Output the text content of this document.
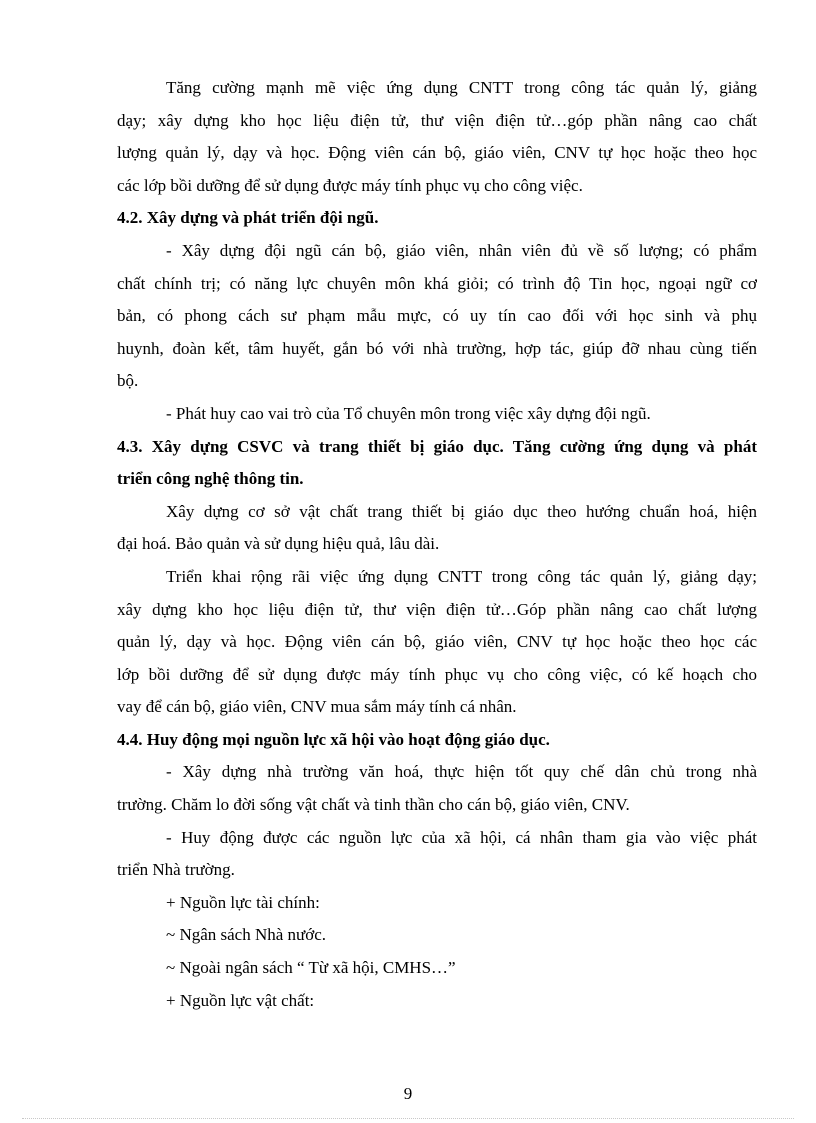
Tăng cường mạnh mẽ việc ứng dụng CNTT trong công tác quản lý, giảng
dạy; xây dựng kho học liệu điện tử, thư viện điện tử…góp phần nâng cao chất
lượng quản lý, dạy và học. Động viên cán bộ, giáo viên, CNV tự học hoặc theo học
các lớp bồi dưỡng để sử dụng được máy tính phục vụ cho công việc.
4.2. Xây dựng và phát triển đội ngũ.
- Xây dựng đội ngũ cán bộ, giáo viên, nhân viên đủ về số lượng; có phẩm
chất chính trị; có năng lực chuyên môn khá giỏi; có trình độ Tin học, ngoại ngữ cơ
bản, có phong cách sư phạm mẫu mực, có uy tín cao đối với học sinh và phụ
huynh, đoàn kết, tâm huyết, gắn bó với nhà trường, hợp tác, giúp đỡ nhau cùng tiến
bộ.
- Phát huy cao vai trò của Tổ chuyên môn trong việc xây dựng đội ngũ.
4.3. Xây dựng CSVC và trang thiết bị giáo dục. Tăng cường ứng dụng và phát
triển công nghệ thông tin.
Xây dựng cơ sở vật chất trang thiết bị giáo dục theo hướng chuẩn hoá, hiện
đại hoá. Bảo quản và sử dụng hiệu quả, lâu dài.
Triển khai rộng rãi việc ứng dụng CNTT trong công tác quản lý, giảng dạy;
xây dựng kho học liệu điện tử, thư viện điện tử…Góp phần nâng cao chất lượng
quản lý, dạy và học. Động viên cán bộ, giáo viên, CNV tự học hoặc theo học các
lớp bồi dưỡng để sử dụng được máy tính phục vụ cho công việc, có kế hoạch cho
vay để cán bộ, giáo viên, CNV mua sắm máy tính cá nhân.
4.4. Huy động mọi nguồn lực xã hội vào hoạt động giáo dục.
- Xây dựng nhà trường văn hoá, thực hiện tốt quy chế dân chủ trong nhà
trường. Chăm lo đời sống vật chất và tinh thần cho cán bộ, giáo viên, CNV.
- Huy động được các nguồn lực của xã hội, cá nhân tham gia vào việc phát
triển Nhà trường.
+ Nguồn lực tài chính:
~ Ngân sách Nhà nước.
~ Ngoài ngân sách “ Từ xã hội, CMHS…”
+ Nguồn lực vật chất:
9
